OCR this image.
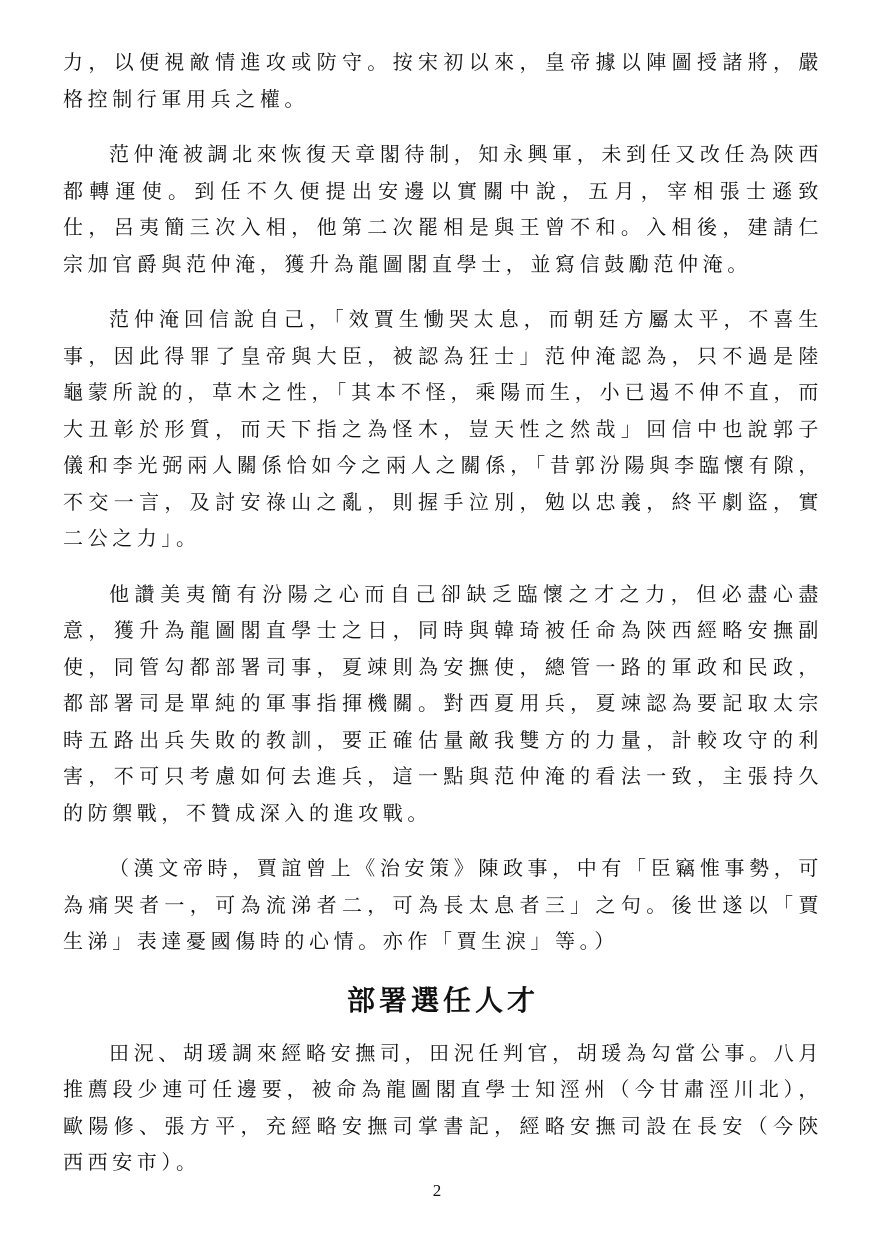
力，以便視敵情進攻或防守。按宋初以來，皇帝據以陣圖授諸將，嚴格控制行軍用兵之權。

范仲淹被調北來恢復天章閣待制，知永興軍，未到任又改任為陝西都轉運使。到任不久便提出安邊以實關中說，五月，宰相張士遜致仕，呂夷簡三次入相，他第二次罷相是與王曾不和。入相後，建請仁宗加官爵與范仲淹，獲升為龍圖閣直學士，並寫信鼓勵范仲淹。

范仲淹回信說自己，「效賈生慟哭太息，而朝廷方屬太平，不喜生事，因此得罪了皇帝與大臣，被認為狂士」范仲淹認為，只不過是陸龜蒙所說的，草木之性，「其本不怪，乘陽而生，小已遏不伸不直，而大丑彰於形質，而天下指之為怪木，豈天性之然哉」回信中也說郭子儀和李光弼兩人關係恰如今之兩人之關係，「昔郭汾陽與李臨懷有隙，不交一言，及討安祿山之亂，則握手泣別，勉以忠義，終平劇盜，實二公之力」。

他讚美夷簡有汾陽之心而自己卻缺乏臨懷之才之力，但必盡心盡意，獲升為龍圖閣直學士之日，同時與韓琦被任命為陝西經略安撫副使，同管勾都部署司事，夏竦則為安撫使，總管一路的軍政和民政，都部署司是單純的軍事指揮機關。對西夏用兵，夏竦認為要記取太宗時五路出兵失敗的教訓，要正確估量敵我雙方的力量，計較攻守的利害，不可只考慮如何去進兵，這一點與范仲淹的看法一致，主張持久的防禦戰，不贊成深入的進攻戰。

（漢文帝時，賈誼曾上《治安策》陳政事，中有「臣竊惟事勢，可為痛哭者一，可為流涕者二，可為長太息者三」之句。後世遂以「賈生涕」表達憂國傷時的心情。亦作「賈生淚」等。）

部署選任人才

田況、胡瑗調來經略安撫司，田況任判官，胡瑗為勾當公事。八月推薦段少連可任邊要，被命為龍圖閣直學士知涇州（今甘肅涇川北），歐陽修、張方平，充經略安撫司掌書記，經略安撫司設在長安（今陝西西安市）。

2
